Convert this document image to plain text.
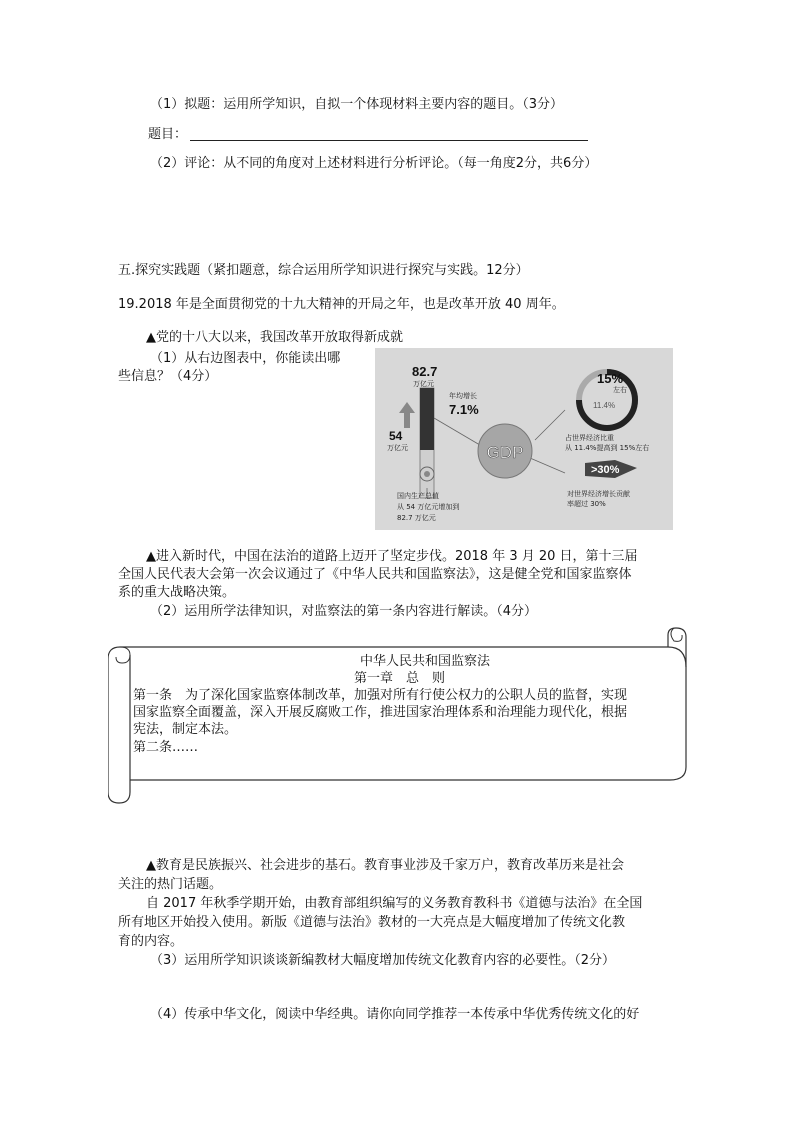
（1）拟题：运用所学知识，自拟一个体现材料主要内容的题目。（3分）
题目：
（2）评论：从不同的角度对上述材料进行分析评论。（每一角度2分，共6分）
五.探究实践题（紧扣题意，综合运用所学知识进行探究与实践。12分）
19.2018 年是全面贯彻党的十九大精神的开局之年，也是改革开放 40 周年。
▲党的十八大以来，我国改革开放取得新成就
（1）从右边图表中，你能读出哪
些信息？（4分）	82.7
万亿元
54
万亿元
年均增长
7.1%
GDP
15%
左右
11.4%
占世界经济比重
从 11.4%提高到 15%左右
>30%
对世界经济增长贡献
率超过 30%
国内生产总值
从 54 万亿元增加到
82.7 万亿元
▲进入新时代，中国在法治的道路上迈开了坚定步伐。2018 年 3 月 20 日，第十三届
全国人民代表大会第一次会议通过了《中华人民共和国监察法》，这是健全党和国家监察体
系的重大战略决策。
（2）运用所学法律知识，对监察法的第一条内容进行解读。（4分）
中华人民共和国监察法
第一章　总　则
第一条　为了深化国家监察体制改革，加强对所有行使公权力的公职人员的监督，实现
国家监察全面覆盖，深入开展反腐败工作，推进国家治理体系和治理能力现代化，根据
宪法，制定本法。
第二条……
▲教育是民族振兴、社会进步的基石。教育事业涉及千家万户，教育改革历来是社会
关注的热门话题。
自 2017 年秋季学期开始，由教育部组织编写的义务教育教科书《道德与法治》在全国
所有地区开始投入使用。新版《道德与法治》教材的一大亮点是大幅度增加了传统文化教
育的内容。
（3）运用所学知识谈谈新编教材大幅度增加传统文化教育内容的必要性。（2分）
（4）传承中华文化，阅读中华经典。请你向同学推荐一本传承中华优秀传统文化的好
